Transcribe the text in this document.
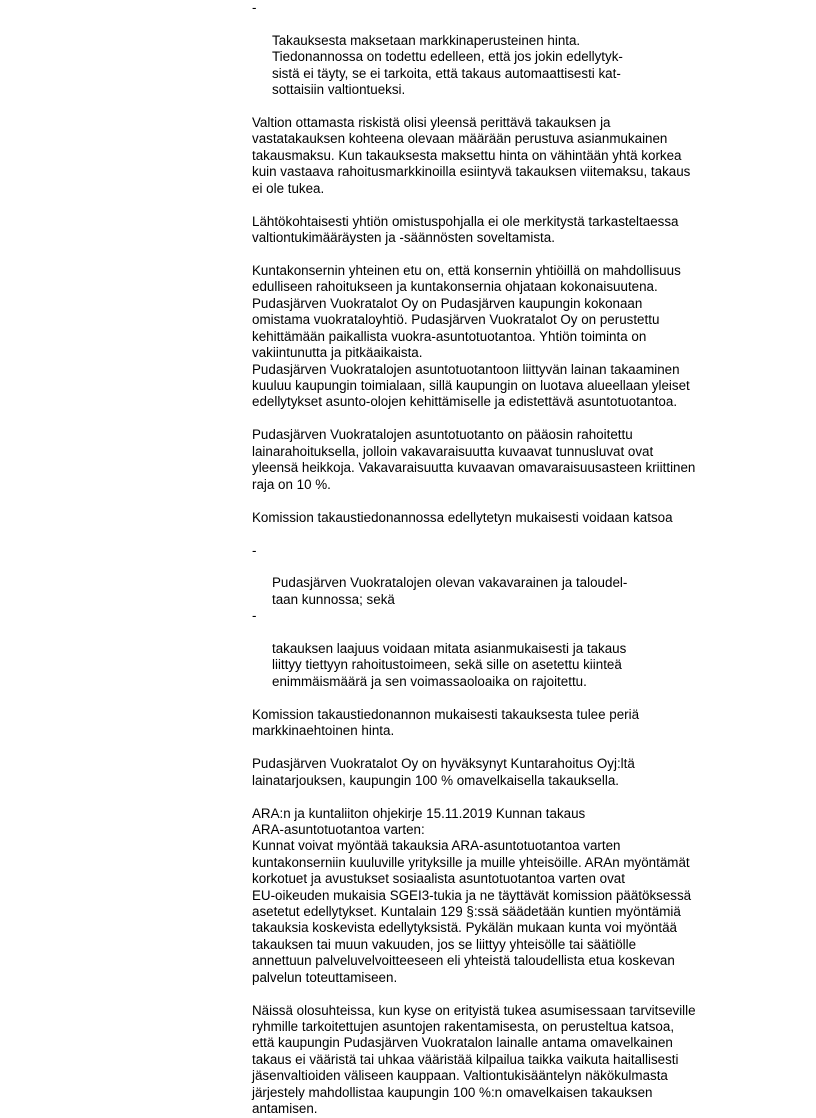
-

Takauksesta maksetaan markkinaperusteinen hinta.
Tiedonannossa on todettu edelleen, että jos jokin edellytyk-
sistä ei täyty, se ei tarkoita, että takaus automaattisesti kat-
sottaisiin valtiontueksi.

Valtion ottamasta riskistä olisi yleensä perittävä takauksen ja
vastatakauksen kohteena olevaan määrään perustuva asianmukainen
takausmaksu. Kun takauksesta maksettu hinta on vähintään yhtä korkea
kuin vastaava rahoitusmarkkinoilla esiintyvä takauksen viitemaksu, takaus
ei ole tukea.

Lähtökohtaisesti yhtiön omistuspohjalla ei ole merkitystä tarkasteltaessa
valtiontukimääräysten ja -säännösten soveltamista.

Kuntakonsernin yhteinen etu on, että konsernin yhtiöillä on mahdollisuus
edulliseen rahoitukseen ja kuntakonsernia ohjataan kokonaisuutena.
Pudasjärven Vuokratalot Oy on Pudasjärven kaupungin kokonaan
omistama vuokrataloyhtiö. Pudasjärven Vuokratalot Oy on perustettu
kehittämään paikallista vuokra-asuntotuotantoa. Yhtiön toiminta on
vakiintunutta ja pitkäaikaista.
Pudasjärven Vuokratalojen asuntotuotantoon liittyvän lainan takaaminen
kuuluu kaupungin toimialaan, sillä kaupungin on luotava alueellaan yleiset
edellytykset asunto-olojen kehittämiselle ja edistettävä asuntotuotantoa.

Pudasjärven Vuokratalojen asuntotuotanto on pääosin rahoitettu
lainarahoituksella, jolloin vakavaraisuutta kuvaavat tunnusluvat ovat
yleensä heikkoja. Vakavaraisuutta kuvaavan omavaraisuusasteen kriittinen
raja on 10 %.

Komission takaustiedonannossa edellytetyn mukaisesti voidaan katsoa

-

Pudasjärven Vuokratalojen olevan vakavarainen ja taloudel-
taan kunnossa; sekä

-

takauksen laajuus voidaan mitata asianmukaisesti ja takaus
liittyy tiettyyn rahoitustoimeen, sekä sille on asetettu kiinteä
enimmäismäärä ja sen voimassaoloaika on rajoitettu.

Komission takaustiedonannon mukaisesti takauksesta tulee periä
markkinaehtoinen hinta.

Pudasjärven Vuokratalot Oy on hyväksynyt Kuntarahoitus Oyj:ltä
lainatarjouksen, kaupungin 100 % omavelkaisella takauksella.

ARA:n ja kuntaliiton ohjekirje 15.11.2019 Kunnan takaus
ARA-asuntotuotantoa varten:
Kunnat voivat myöntää takauksia ARA-asuntotuotantoa varten
kuntakonserniin kuuluville yrityksille ja muille yhteisöille. ARAn myöntämät
korkotuet ja avustukset sosiaalista asuntotuotantoa varten ovat
EU-oikeuden mukaisia SGEI3-tukia ja ne täyttävät komission päätöksessä
asetetut edellytykset. Kuntalain 129 §:ssä säädetään kuntien myöntämiä
takauksia koskevista edellytyksistä. Pykälän mukaan kunta voi myöntää
takauksen tai muun vakuuden, jos se liittyy yhteisölle tai säätiölle
annettuun palveluvelvoitteeseen eli yhteistä taloudellista etua koskevan
palvelun toteuttamiseen.

Näissä olosuhteissa, kun kyse on erityistä tukea asumisessaan tarvitseville
ryhmille tarkoitettujen asuntojen rakentamisesta, on perusteltua katsoa,
että kaupungin Pudasjärven Vuokratalon lainalle antama omavelkainen
takaus ei vääristä tai uhkaa vääristää kilpailua taikka vaikuta haitallisesti
jäsenvaltioiden väliseen kauppaan. Valtiontukisääntelyn näkökulmasta
järjestely mahdollistaa kaupungin 100 %:n omavelkaisen takauksen
antamisen.
